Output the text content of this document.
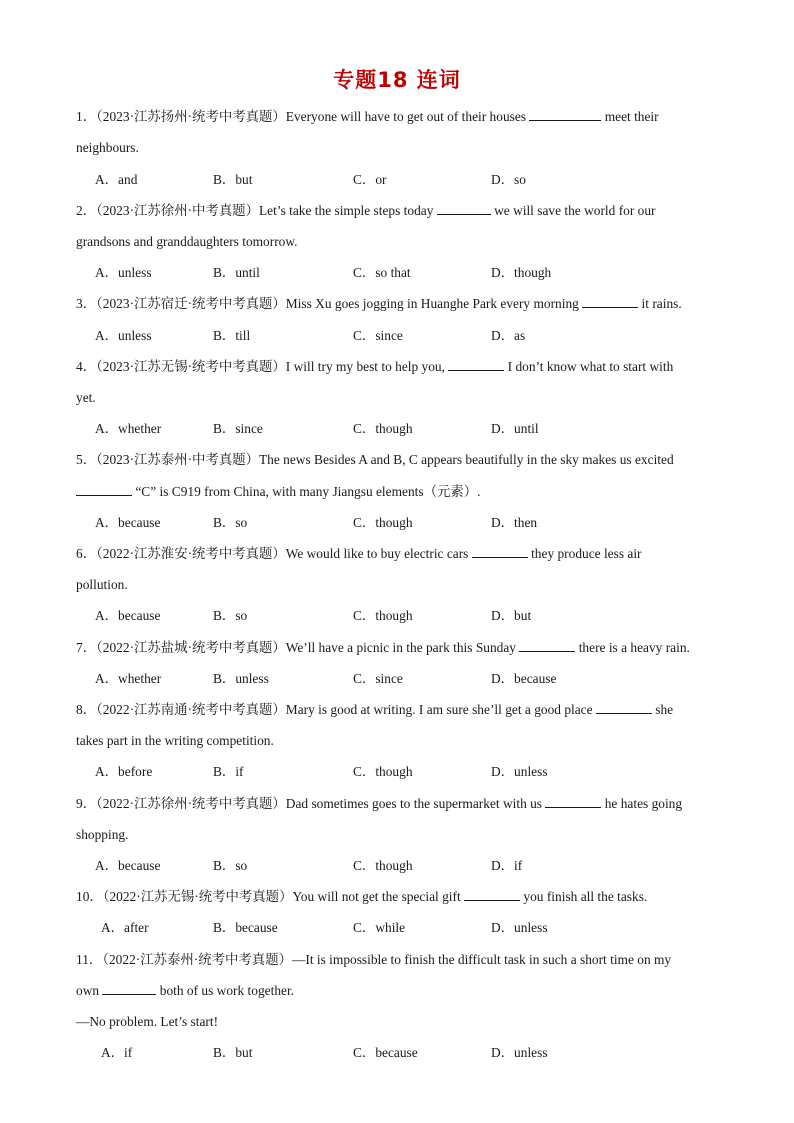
专题18 连词
1．（2023·江苏扬州·统考中考真题）Everyone will have to get out of their houses	meet their
neighbours.
A．and	B．but	C．or	D．so
2．（2023·江苏徐州·中考真题）Let’s take the simple steps today	we will save the world for our
grandsons and granddaughters tomorrow.
A．unless	B．until	C．so that	D．though
3．（2023·江苏宿迁·统考中考真题）Miss Xu goes jogging in Huanghe Park every morning	it rains.
A．unless	B．till	C．since	D．as
4．（2023·江苏无锡·统考中考真题）I will try my best to help you,	I don’t know what to start with
yet.
A．whether	B．since	C．though	D．until
5．（2023·江苏泰州·中考真题）The news Besides A and B, C appears beautifully in the sky makes us excited
“C” is C919 from China, with many Jiangsu elements（元素）.
A．because	B．so	C．though	D．then
6．（2022·江苏淮安·统考中考真题）We would like to buy electric cars	they produce less air
pollution.
A．because	B．so	C．though	D．but
7．（2022·江苏盐城·统考中考真题）We’ll have a picnic in the park this Sunday	there is a heavy rain.
A．whether	B．unless	C．since	D．because
8．（2022·江苏南通·统考中考真题）Mary is good at writing. I am sure she’ll get a good place	she
takes part in the writing competition.
A．before	B．if	C．though	D．unless
9．（2022·江苏徐州·统考中考真题）Dad sometimes goes to the supermarket with us	he hates going
shopping.
A．because	B．so	C．though	D．if
10．（2022·江苏无锡·统考中考真题）You will not get the special gift	you finish all the tasks.
A．after	B．because	C．while	D．unless
11．（2022·江苏泰州·统考中考真题）—It is impossible to finish the difficult task in such a short time on my
own	both of us work together.
—No problem. Let’s start!
A．if	B．but	C．because	D．unless
